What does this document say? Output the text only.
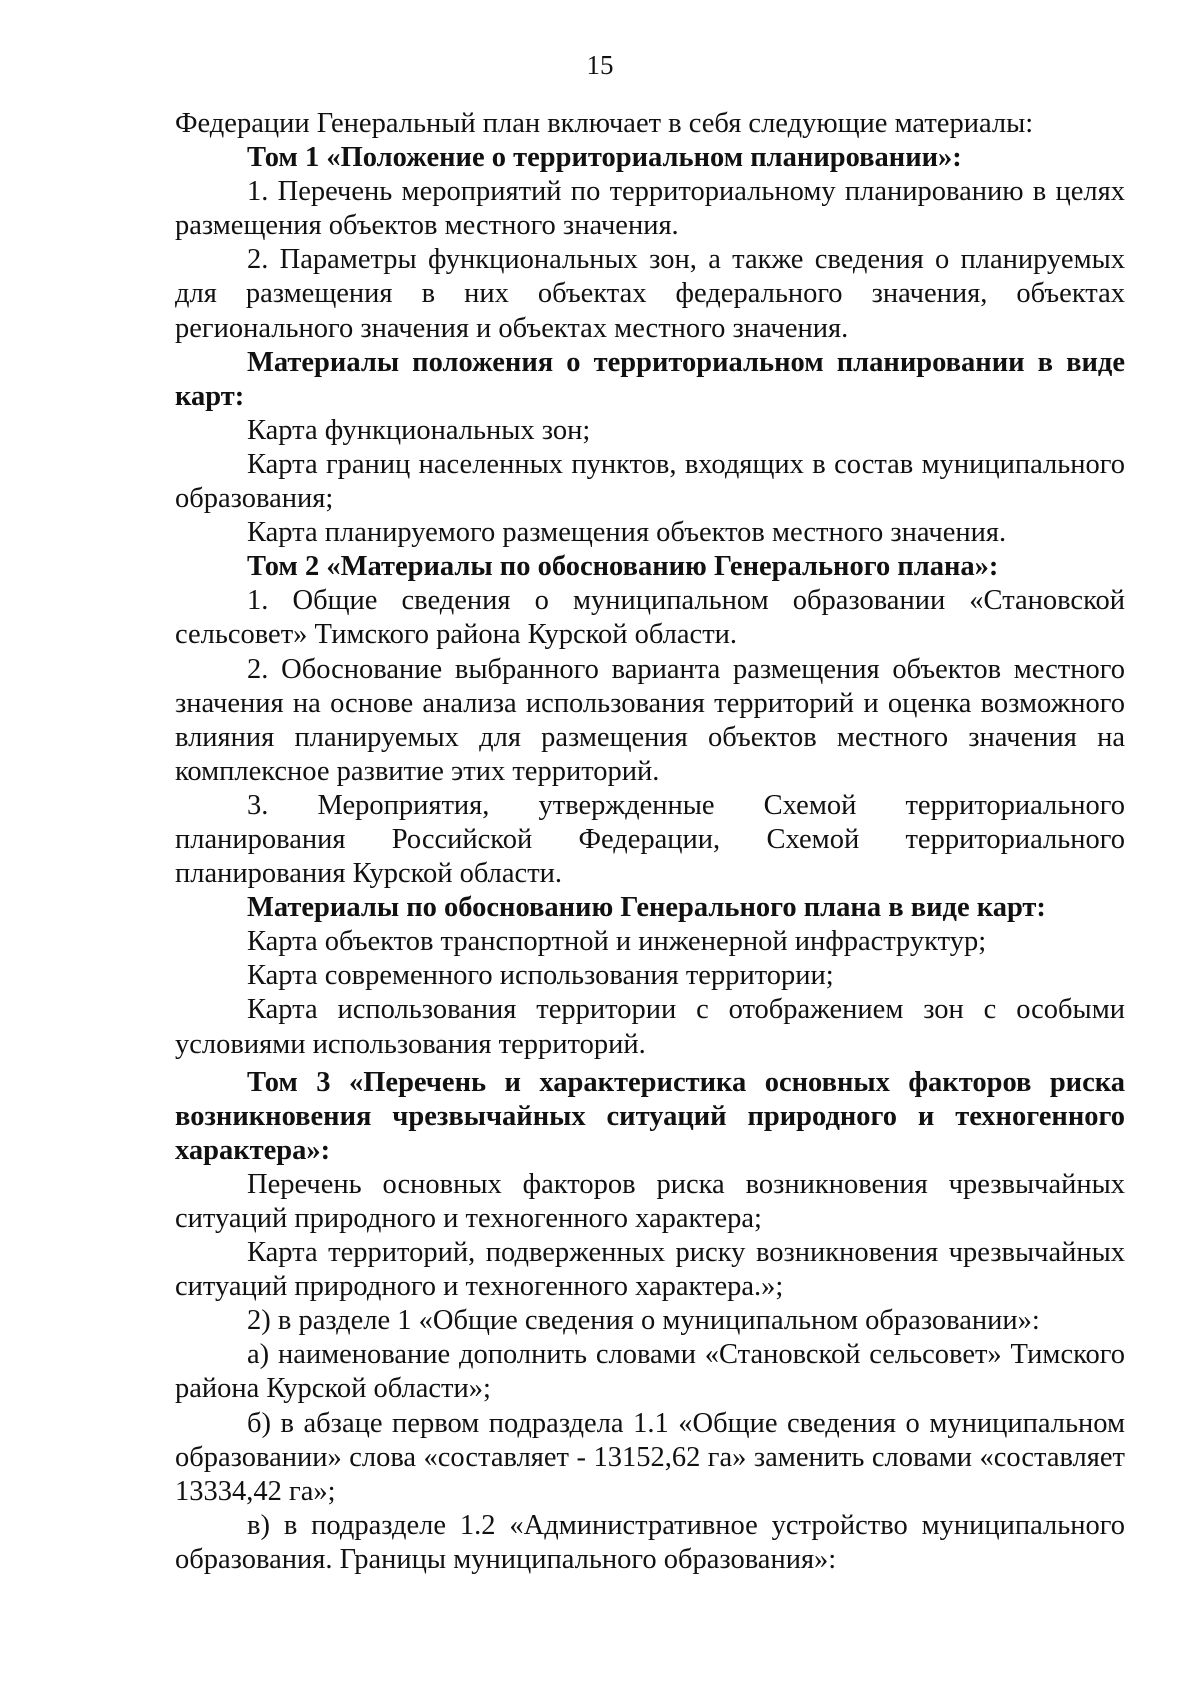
15

Федерации Генеральный план включает в себя следующие материалы:

Том 1 «Положение о территориальном планировании»:

1. Перечень мероприятий по территориальному планированию в целях размещения объектов местного значения.

2. Параметры функциональных зон, а также сведения о планируемых для размещения в них объектах федерального значения, объектах регионального значения и объектах местного значения.

Материалы положения о территориальном планировании в виде карт:

Карта функциональных зон;

Карта границ населенных пунктов, входящих в состав муниципального образования;

Карта планируемого размещения объектов местного значения.

Том 2 «Материалы по обоснованию Генерального плана»:

1. Общие сведения о муниципальном образовании «Становской сельсовет» Тимского района Курской области.

2. Обоснование выбранного варианта размещения объектов местного значения на основе анализа использования территорий и оценка возможного влияния планируемых для размещения объектов местного значения на комплексное развитие этих территорий.

3. Мероприятия, утвержденные Схемой территориального планирования Российской Федерации, Схемой территориального планирования Курской области.

Материалы по обоснованию Генерального плана в виде карт:

Карта объектов транспортной и инженерной инфраструктур;

Карта современного использования территории;

Карта использования территории с отображением зон с особыми условиями использования территорий.

Том 3 «Перечень и характеристика основных факторов риска возникновения чрезвычайных ситуаций природного и техногенного характера»:

Перечень основных факторов риска возникновения чрезвычайных ситуаций природного и техногенного характера;

Карта территорий, подверженных риску возникновения чрезвычайных ситуаций природного и техногенного характера.»;

2) в разделе 1 «Общие сведения о муниципальном образовании»:

а) наименование дополнить словами «Становской сельсовет» Тимского района Курской области»;

б) в абзаце первом подраздела 1.1 «Общие сведения о муниципальном образовании» слова «составляет - 13152,62 га» заменить словами «составляет 13334,42 га»;

в) в подразделе 1.2 «Административное устройство муниципального образования. Границы муниципального образования»:
